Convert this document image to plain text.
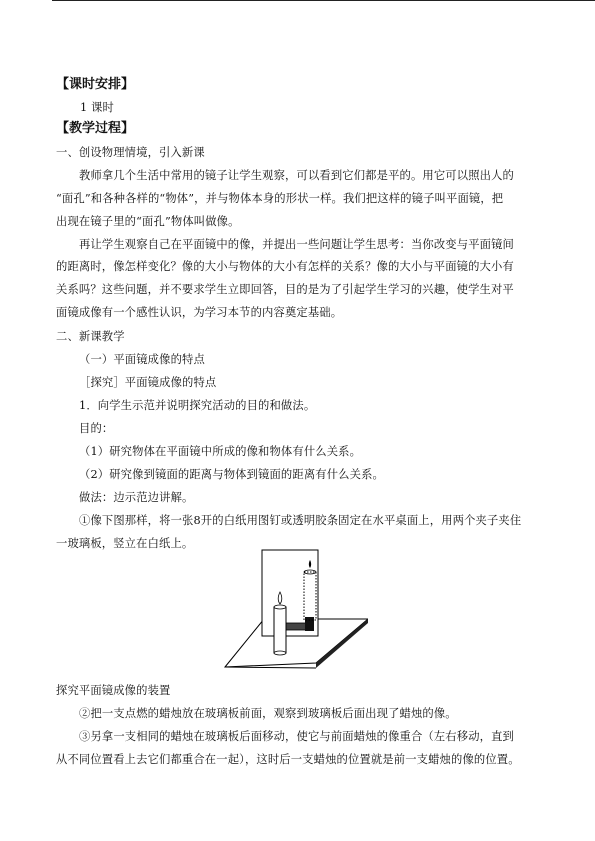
【课时安排】
1 课时
【教学过程】
一、创设物理情境，引入新课
教师拿几个生活中常用的镜子让学生观察，可以看到它们都是平的。用它可以照出人的
“面孔”和各种各样的“物体”，并与物体本身的形状一样。我们把这样的镜子叫平面镜，把
出现在镜子里的“面孔”物体叫做像。
再让学生观察自己在平面镜中的像，并提出一些问题让学生思考：当你改变与平面镜间
的距离时，像怎样变化？像的大小与物体的大小有怎样的关系？像的大小与平面镜的大小有
关系吗？这些问题，并不要求学生立即回答，目的是为了引起学生学习的兴趣，使学生对平
面镜成像有一个感性认识，为学习本节的内容奠定基础。
二、新课教学
（一）平面镜成像的特点
［探究］平面镜成像的特点
1．向学生示范并说明探究活动的目的和做法。
目的：
（1）研究物体在平面镜中所成的像和物体有什么关系。
（2）研究像到镜面的距离与物体到镜面的距离有什么关系。
做法：边示范边讲解。
①像下图那样，将一张8开的白纸用图钉或透明胶条固定在水平桌面上，用两个夹子夹住
一玻璃板，竖立在白纸上。
探究平面镜成像的装置
②把一支点燃的蜡烛放在玻璃板前面，观察到玻璃板后面出现了蜡烛的像。
③另拿一支相同的蜡烛在玻璃板后面移动，使它与前面蜡烛的像重合（左右移动，直到
从不同位置看上去它们都重合在一起），这时后一支蜡烛的位置就是前一支蜡烛的像的位置。
